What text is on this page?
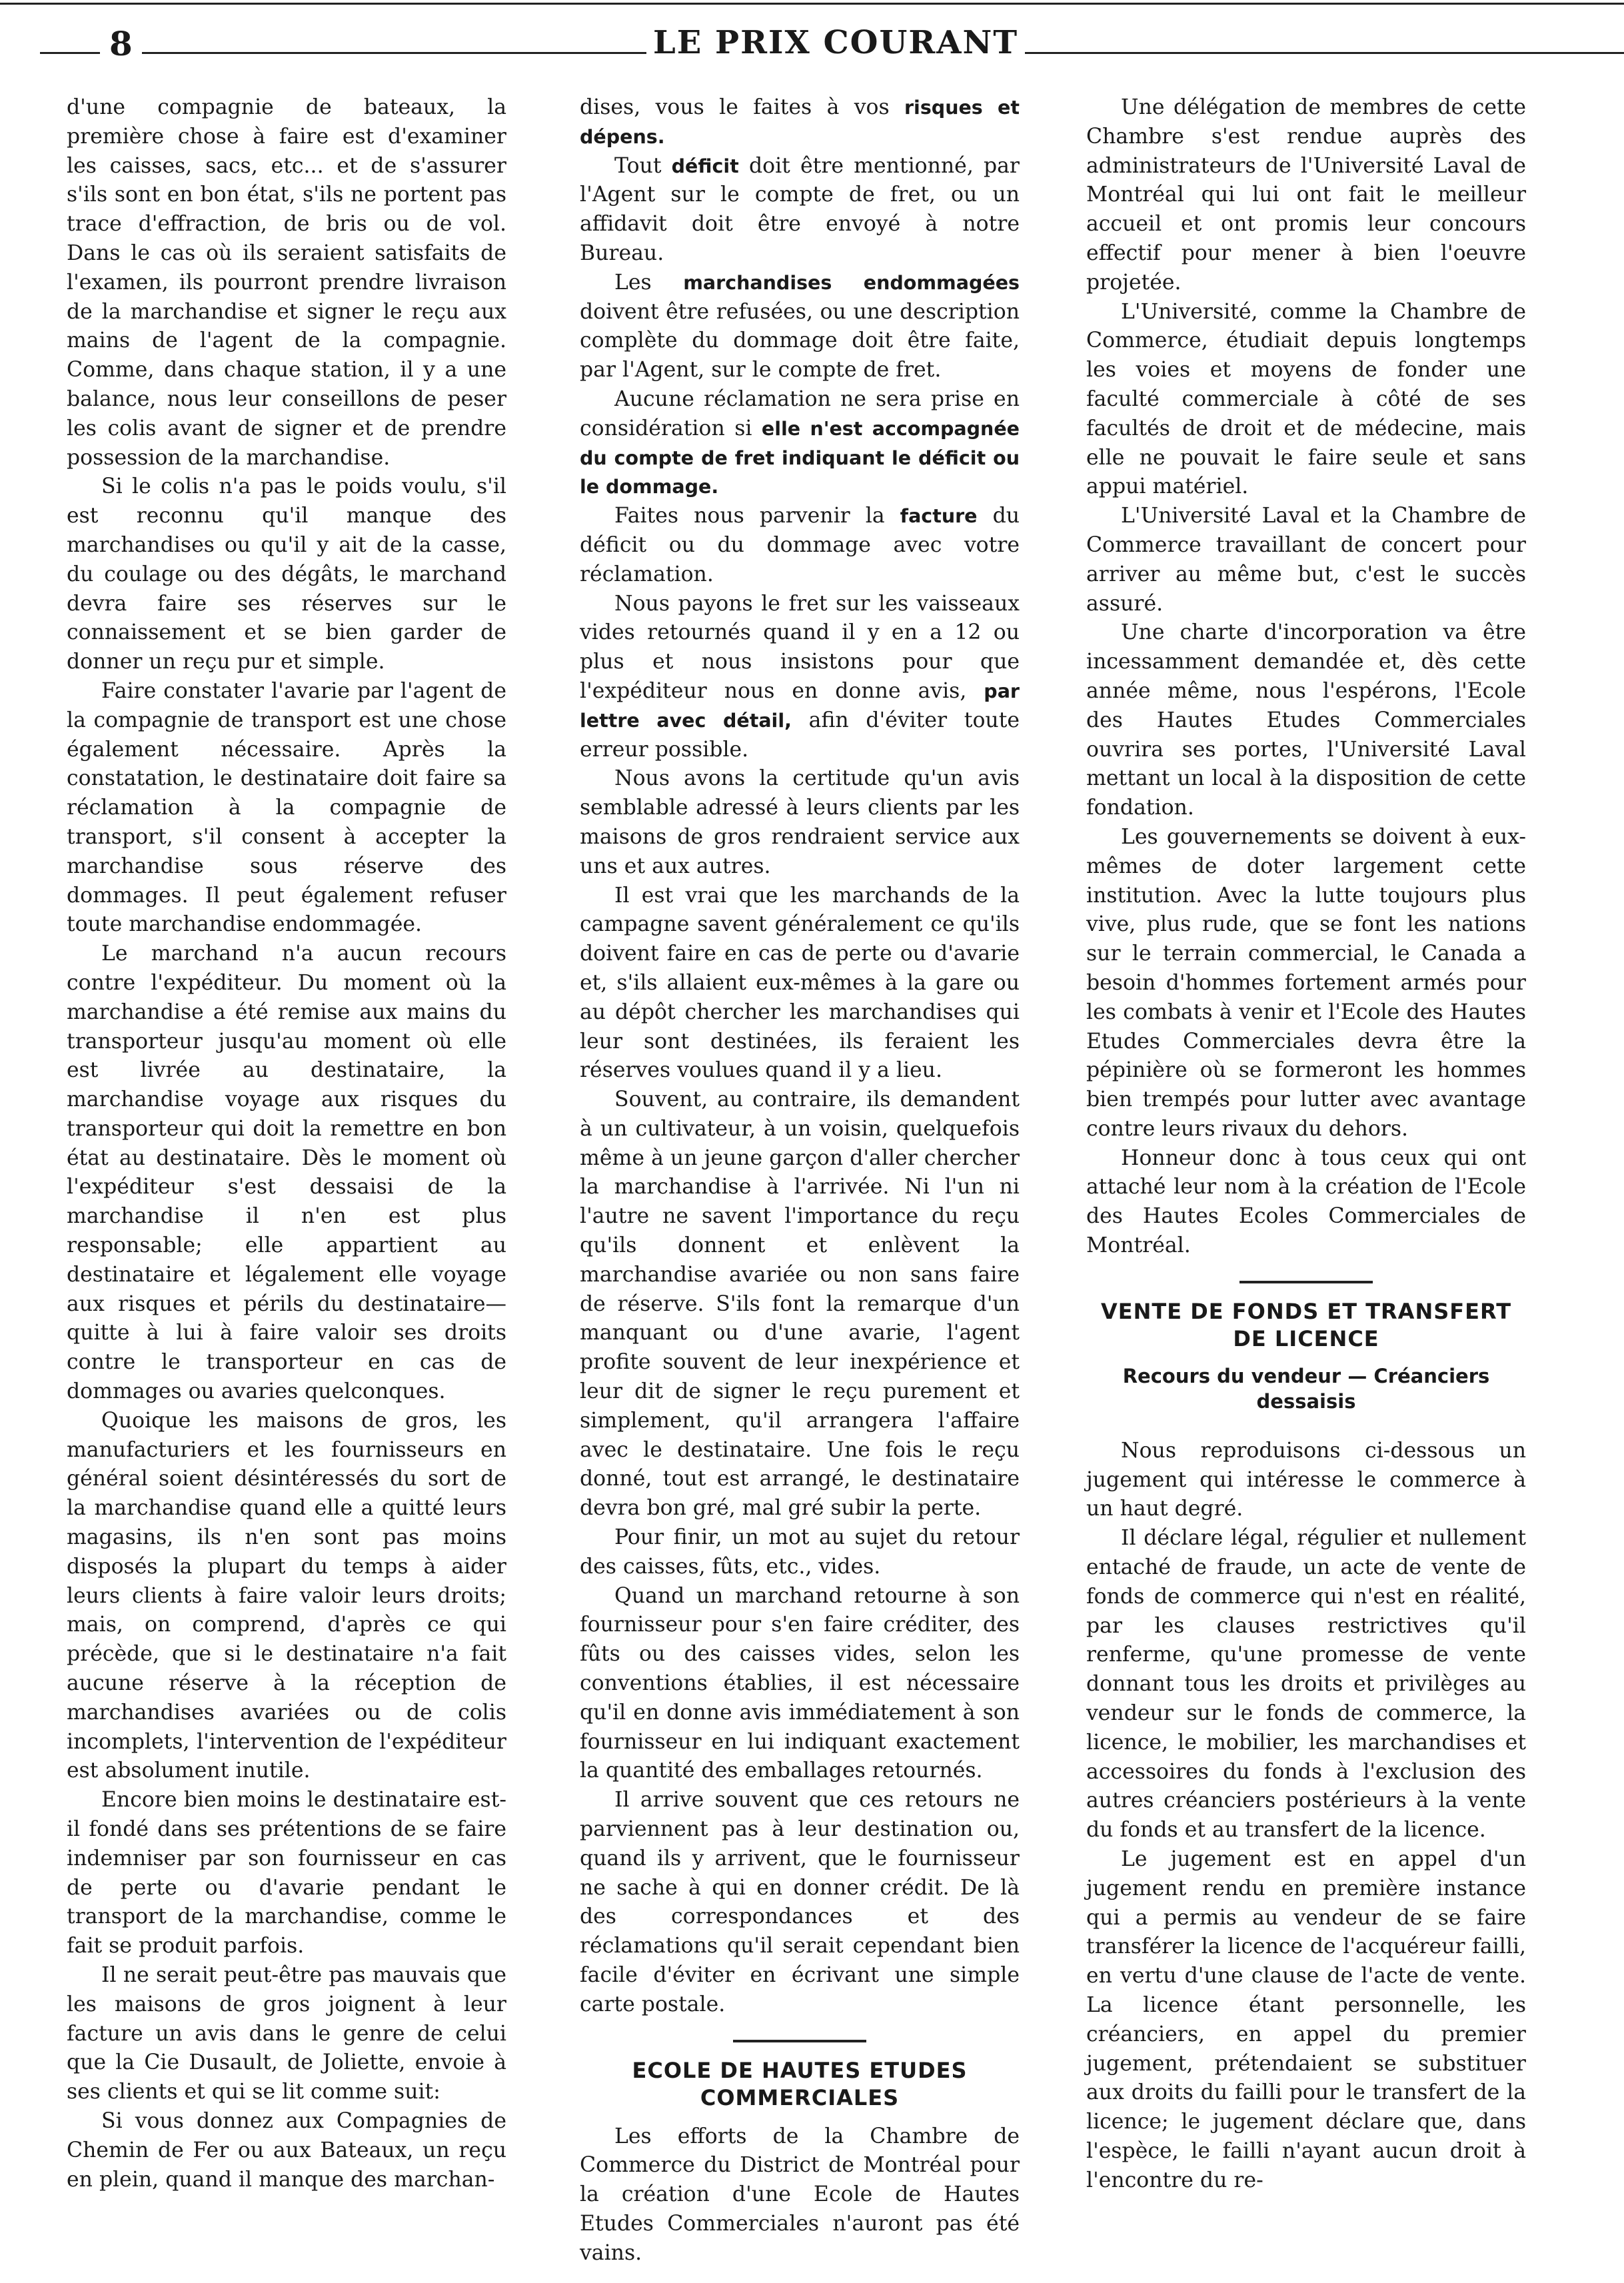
8	LE PRIX COURANT

d'une compagnie de bateaux, la première chose à faire est d'examiner les caisses, sacs, etc... et de s'assurer s'ils sont en bon état, s'ils ne portent pas trace d'effraction, de bris ou de vol. Dans le cas où ils seraient satisfaits de l'examen, ils pourront prendre livraison de la marchandise et signer le reçu aux mains de l'agent de la compagnie. Comme, dans chaque station, il y a une balance, nous leur conseillons de peser les colis avant de signer et de prendre possession de la marchandise.

Si le colis n'a pas le poids voulu, s'il est reconnu qu'il manque des marchandises ou qu'il y ait de la casse, du coulage ou des dégâts, le marchand devra faire ses réserves sur le connaissement et se bien garder de donner un reçu pur et simple.

Faire constater l'avarie par l'agent de la compagnie de transport est une chose également nécessaire. Après la constatation, le destinataire doit faire sa réclamation à la compagnie de transport, s'il consent à accepter la marchandise sous réserve des dommages. Il peut également refuser toute marchandise endommagée.

Le marchand n'a aucun recours contre l'expéditeur. Du moment où la marchandise a été remise aux mains du transporteur jusqu'au moment où elle est livrée au destinataire, la marchandise voyage aux risques du transporteur qui doit la remettre en bon état au destinataire. Dès le moment où l'expéditeur s'est dessaisi de la marchandise il n'en est plus responsable; elle appartient au destinataire et légalement elle voyage aux risques et périls du destinataire—quitte à lui à faire valoir ses droits contre le transporteur en cas de dommages ou avaries quelconques.

Quoique les maisons de gros, les manufacturiers et les fournisseurs en général soient désintéressés du sort de la marchandise quand elle a quitté leurs magasins, ils n'en sont pas moins disposés la plupart du temps à aider leurs clients à faire valoir leurs droits; mais, on comprend, d'après ce qui précède, que si le destinataire n'a fait aucune réserve à la réception de marchandises avariées ou de colis incomplets, l'intervention de l'expéditeur est absolument inutile.

Encore bien moins le destinataire est-il fondé dans ses prétentions de se faire indemniser par son fournisseur en cas de perte ou d'avarie pendant le transport de la marchandise, comme le fait se produit parfois.

Il ne serait peut-être pas mauvais que les maisons de gros joignent à leur facture un avis dans le genre de celui que la Cie Dusault, de Joliette, envoie à ses clients et qui se lit comme suit:

Si vous donnez aux Compagnies de Chemin de Fer ou aux Bateaux, un reçu en plein, quand il manque des marchan-

dises, vous le faites à vos risques et dépens.

Tout déficit doit être mentionné, par l'Agent sur le compte de fret, ou un affidavit doit être envoyé à notre Bureau.

Les marchandises endommagées doivent être refusées, ou une description complète du dommage doit être faite, par l'Agent, sur le compte de fret.

Aucune réclamation ne sera prise en considération si elle n'est accompagnée du compte de fret indiquant le déficit ou le dommage.

Faites nous parvenir la facture du déficit ou du dommage avec votre réclamation.

Nous payons le fret sur les vaisseaux vides retournés quand il y en a 12 ou plus et nous insistons pour que l'expéditeur nous en donne avis, par lettre avec détail, afin d'éviter toute erreur possible.

Nous avons la certitude qu'un avis semblable adressé à leurs clients par les maisons de gros rendraient service aux uns et aux autres.

Il est vrai que les marchands de la campagne savent généralement ce qu'ils doivent faire en cas de perte ou d'avarie et, s'ils allaient eux-mêmes à la gare ou au dépôt chercher les marchandises qui leur sont destinées, ils feraient les réserves voulues quand il y a lieu.

Souvent, au contraire, ils demandent à un cultivateur, à un voisin, quelquefois même à un jeune garçon d'aller chercher la marchandise à l'arrivée. Ni l'un ni l'autre ne savent l'importance du reçu qu'ils donnent et enlèvent la marchandise avariée ou non sans faire de réserve. S'ils font la remarque d'un manquant ou d'une avarie, l'agent profite souvent de leur inexpérience et leur dit de signer le reçu purement et simplement, qu'il arrangera l'affaire avec le destinataire. Une fois le reçu donné, tout est arrangé, le destinataire devra bon gré, mal gré subir la perte.

Pour finir, un mot au sujet du retour des caisses, fûts, etc., vides.

Quand un marchand retourne à son fournisseur pour s'en faire créditer, des fûts ou des caisses vides, selon les conventions établies, il est nécessaire qu'il en donne avis immédiatement à son fournisseur en lui indiquant exactement la quantité des emballages retournés.

Il arrive souvent que ces retours ne parviennent pas à leur destination ou, quand ils y arrivent, que le fournisseur ne sache à qui en donner crédit. De là des correspondances et des réclamations qu'il serait cependant bien facile d'éviter en écrivant une simple carte postale.

ECOLE DE HAUTES ETUDES COMMERCIALES

Les efforts de la Chambre de Commerce du District de Montréal pour la création d'une Ecole de Hautes Etudes Commerciales n'auront pas été vains.

Une délégation de membres de cette Chambre s'est rendue auprès des administrateurs de l'Université Laval de Montréal qui lui ont fait le meilleur accueil et ont promis leur concours effectif pour mener à bien l'oeuvre projetée.

L'Université, comme la Chambre de Commerce, étudiait depuis longtemps les voies et moyens de fonder une faculté commerciale à côté de ses facultés de droit et de médecine, mais elle ne pouvait le faire seule et sans appui matériel.

L'Université Laval et la Chambre de Commerce travaillant de concert pour arriver au même but, c'est le succès assuré.

Une charte d'incorporation va être incessamment demandée et, dès cette année même, nous l'espérons, l'Ecole des Hautes Etudes Commerciales ouvrira ses portes, l'Université Laval mettant un local à la disposition de cette fondation.

Les gouvernements se doivent à eux-mêmes de doter largement cette institution. Avec la lutte toujours plus vive, plus rude, que se font les nations sur le terrain commercial, le Canada a besoin d'hommes fortement armés pour les combats à venir et l'Ecole des Hautes Etudes Commerciales devra être la pépinière où se formeront les hommes bien trempés pour lutter avec avantage contre leurs rivaux du dehors.

Honneur donc à tous ceux qui ont attaché leur nom à la création de l'Ecole des Hautes Ecoles Commerciales de Montréal.

VENTE DE FONDS ET TRANSFERT DE LICENCE
Recours du vendeur — Créanciers dessaisis

Nous reproduisons ci-dessous un jugement qui intéresse le commerce à un haut degré.

Il déclare légal, régulier et nullement entaché de fraude, un acte de vente de fonds de commerce qui n'est en réalité, par les clauses restrictives qu'il renferme, qu'une promesse de vente donnant tous les droits et privilèges au vendeur sur le fonds de commerce, la licence, le mobilier, les marchandises et accessoires du fonds à l'exclusion des autres créanciers postérieurs à la vente du fonds et au transfert de la licence.

Le jugement est en appel d'un jugement rendu en première instance qui a permis au vendeur de se faire transférer la licence de l'acquéreur failli, en vertu d'une clause de l'acte de vente. La licence étant personnelle, les créanciers, en appel du premier jugement, prétendaient se substituer aux droits du failli pour le transfert de la licence; le jugement déclare que, dans l'espèce, le failli n'ayant aucun droit à l'encontre du re-
